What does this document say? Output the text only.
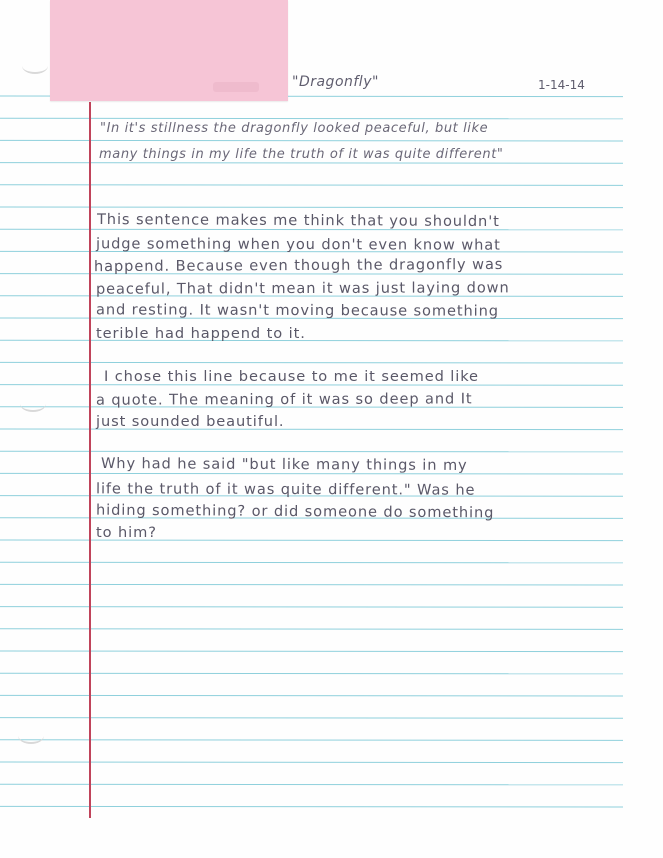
"Dragonfly"	1-14-14
"In it's stillness the dragonfly looked peaceful, but like
many things in my life the truth of it was quite different"
This sentence makes me think that you shouldn't
judge something when you don't even know what
happend. Because even though the dragonfly was
peaceful, That didn't mean it was just laying down
and resting. It wasn't moving because something
terible had happend to it.
I chose this line because to me it seemed like
a quote. The meaning of it was so deep and It
just sounded beautiful.
Why had he said "but like many things in my
life the truth of it was quite different." Was he
hiding something? or did someone do something
to him?
